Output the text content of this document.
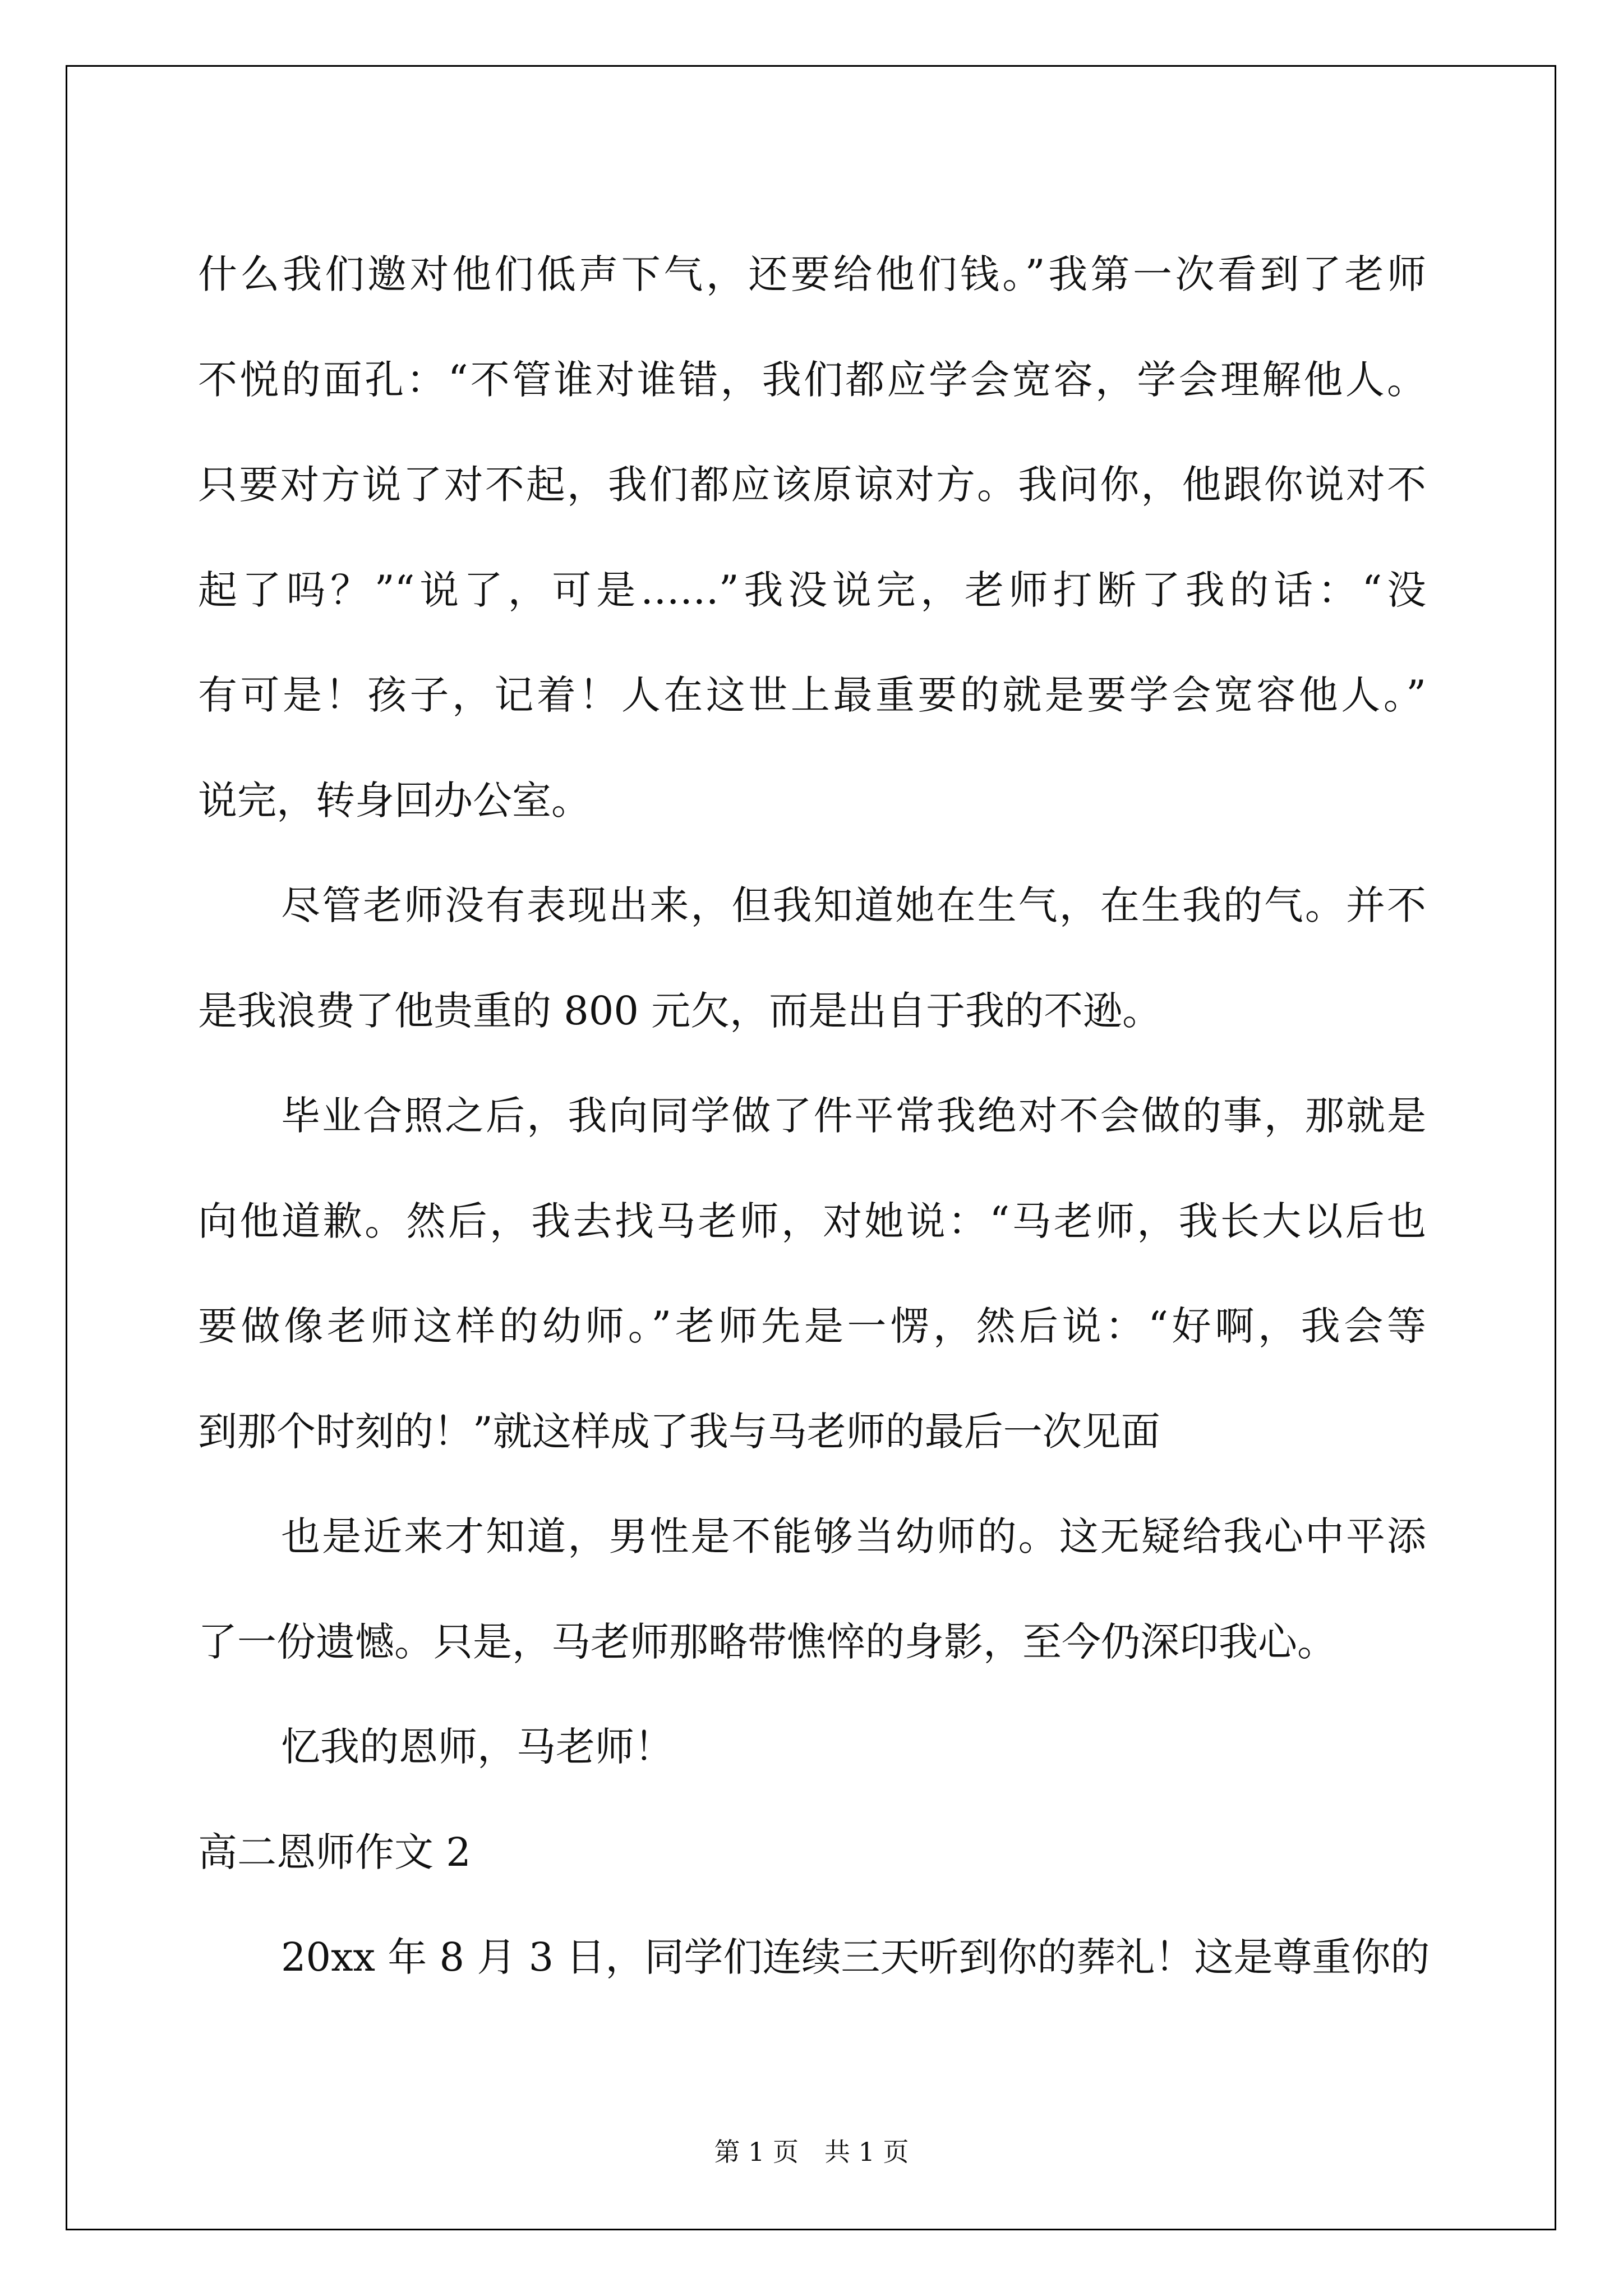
什么我们邀对他们低声下气，还要给他们钱。”我第一次看到了老师
不悦的面孔：“不管谁对谁错，我们都应学会宽容，学会理解他人。
只要对方说了对不起，我们都应该原谅对方。我问你，他跟你说对不
起了吗？”“说了，可是……”我没说完，老师打断了我的话：“没
有可是！孩子，记着！人在这世上最重要的就是要学会宽容他人。”
说完，转身回办公室。
尽管老师没有表现出来，但我知道她在生气，在生我的气。并不
是我浪费了他贵重的 800 元欠，而是出自于我的不逊。
毕业合照之后，我向同学做了件平常我绝对不会做的事，那就是
向他道歉。然后，我去找马老师，对她说：“马老师，我长大以后也
要做像老师这样的幼师。”老师先是一愣，然后说：“好啊，我会等
到那个时刻的！”就这样成了我与马老师的最后一次见面
也是近来才知道，男性是不能够当幼师的。这无疑给我心中平添
了一份遗憾。只是，马老师那略带憔悴的身影，至今仍深印我心。
忆我的恩师，马老师！
高二恩师作文 2
20xx 年 8 月 3 日，同学们连续三天听到你的葬礼！这是尊重你的
第 1 页　共 1 页
